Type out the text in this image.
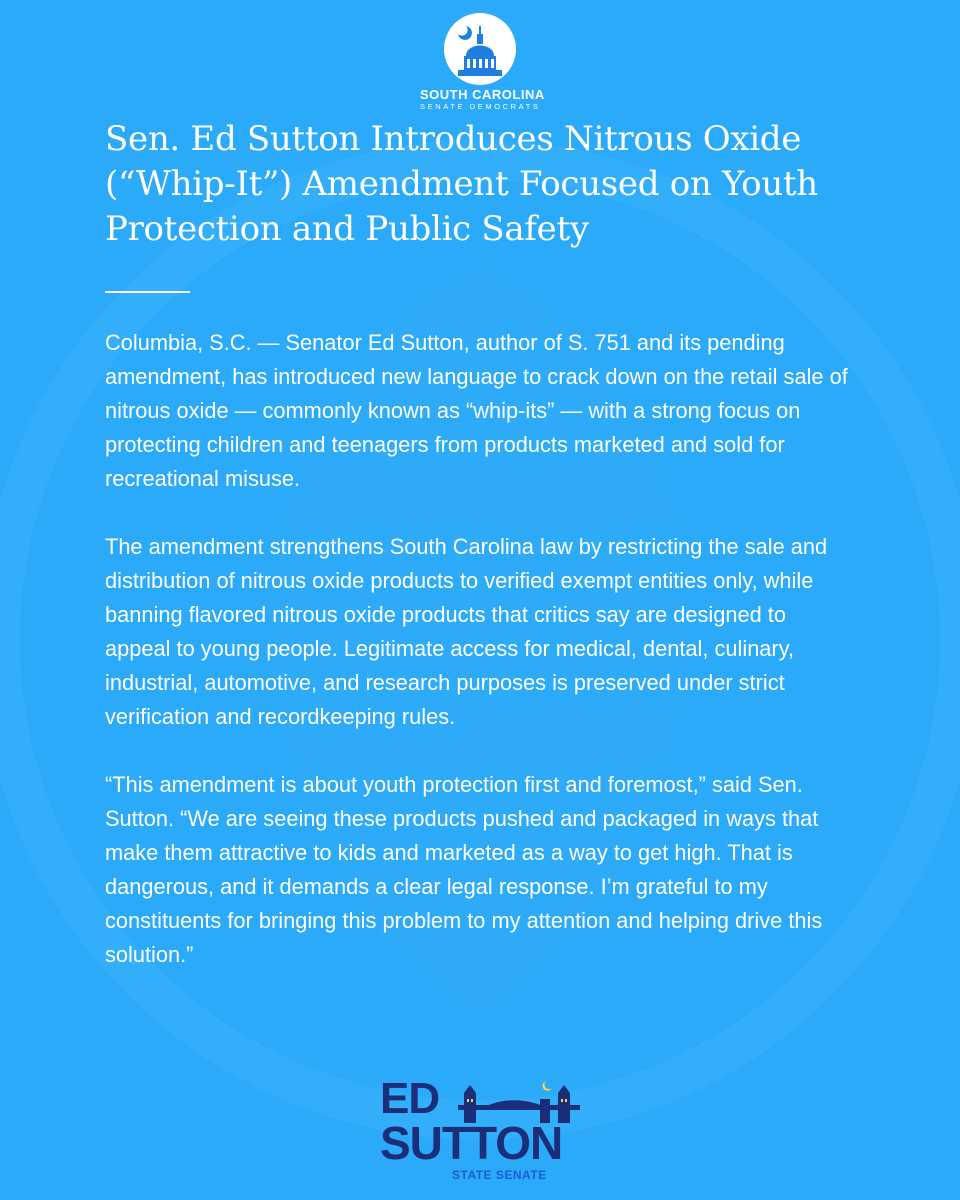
SOUTH CAROLINA
SENATE DEMOCRATS
Sen. Ed Sutton Introduces Nitrous Oxide (“Whip-It”) Amendment Focused on Youth Protection and Public Safety

Columbia, S.C. — Senator Ed Sutton, author of S. 751 and its pending amendment, has introduced new language to crack down on the retail sale of nitrous oxide — commonly known as “whip-its” — with a strong focus on protecting children and teenagers from products marketed and sold for recreational misuse.

The amendment strengthens South Carolina law by restricting the sale and distribution of nitrous oxide products to verified exempt entities only, while banning flavored nitrous oxide products that critics say are designed to appeal to young people. Legitimate access for medical, dental, culinary, industrial, automotive, and research purposes is preserved under strict verification and recordkeeping rules.

“This amendment is about youth protection first and foremost,” said Sen. Sutton. “We are seeing these products pushed and packaged in ways that make them attractive to kids and marketed as a way to get high. That is dangerous, and it demands a clear legal response. I’m grateful to my constituents for bringing this problem to my attention and helping drive this solution.”

ED
SUTTON
STATE SENATE
